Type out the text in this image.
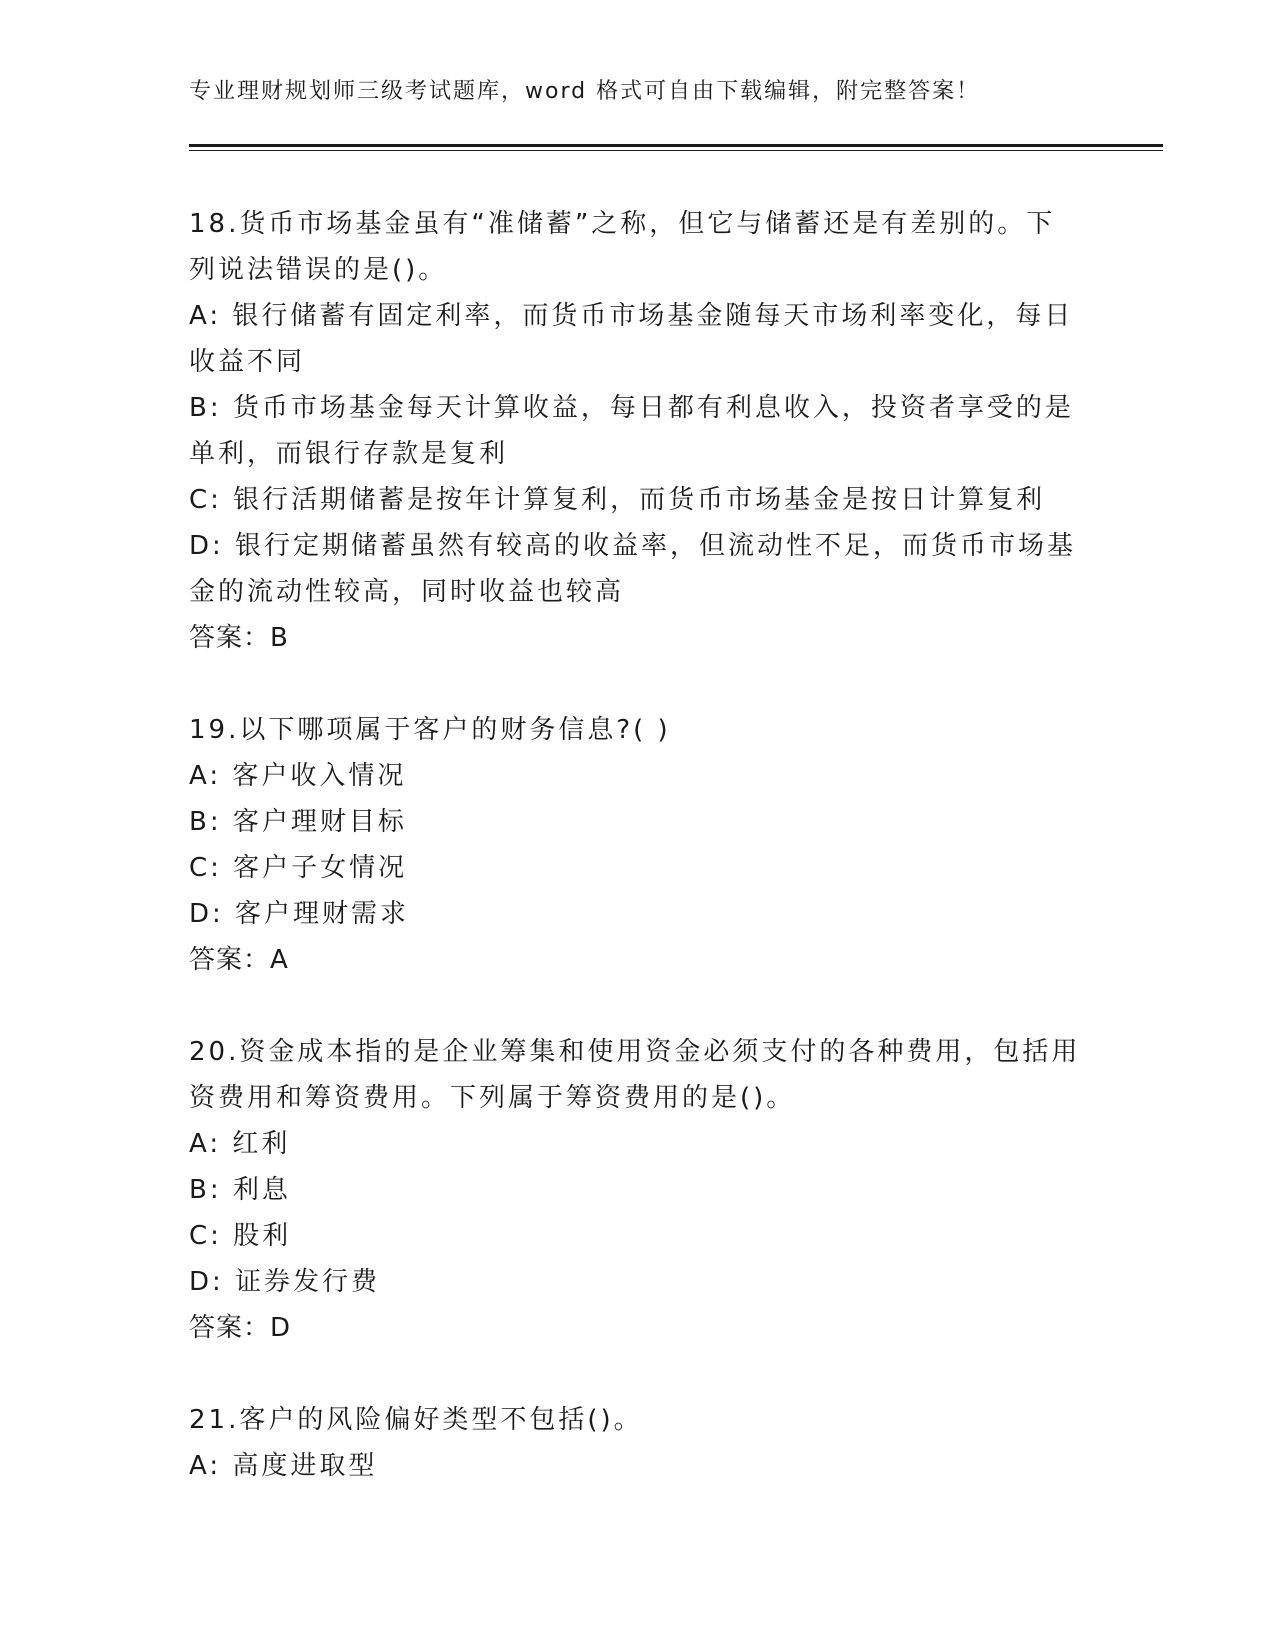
专业理财规划师三级考试题库，word 格式可自由下载编辑，附完整答案！
18.货币市场基金虽有“准储蓄”之称，但它与储蓄还是有差别的。下
列说法错误的是()。
A: 银行储蓄有固定利率，而货币市场基金随每天市场利率变化，每日
收益不同
B: 货币市场基金每天计算收益，每日都有利息收入，投资者享受的是
单利，而银行存款是复利
C: 银行活期储蓄是按年计算复利，而货币市场基金是按日计算复利
D: 银行定期储蓄虽然有较高的收益率，但流动性不足，而货币市场基
金的流动性较高，同时收益也较高
答案：B
19.以下哪项属于客户的财务信息?( )
A: 客户收入情况
B: 客户理财目标
C: 客户子女情况
D: 客户理财需求
答案：A
20.资金成本指的是企业筹集和使用资金必须支付的各种费用，包括用
资费用和筹资费用。下列属于筹资费用的是()。
A: 红利
B: 利息
C: 股利
D: 证券发行费
答案：D
21.客户的风险偏好类型不包括()。
A: 高度进取型
